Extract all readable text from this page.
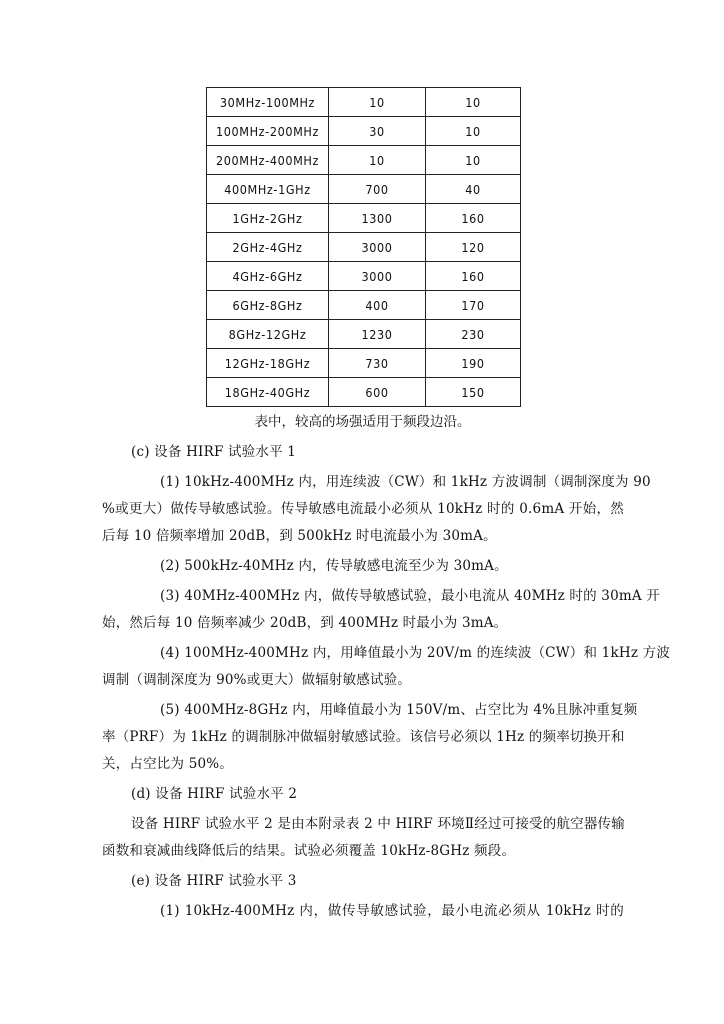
30MHz-100MHz	10	10
100MHz-200MHz	30	10
200MHz-400MHz	10	10
400MHz-1GHz	700	40
1GHz-2GHz	1300	160
2GHz-4GHz	3000	120
4GHz-6GHz	3000	160
6GHz-8GHz	400	170
8GHz-12GHz	1230	230
12GHz-18GHz	730	190
18GHz-40GHz	600	150
表中，较高的场强适用于频段边沿。
(c) 设备 HIRF 试验水平 1
(1) 10kHz-400MHz 内，用连续波（CW）和 1kHz 方波调制（调制深度为 90
%或更大）做传导敏感试验。传导敏感电流最小必须从 10kHz 时的 0.6mA 开始，然
后每 10 倍频率增加 20dB，到 500kHz 时电流最小为 30mA。
(2) 500kHz-40MHz 内，传导敏感电流至少为 30mA。
(3) 40MHz-400MHz 内，做传导敏感试验，最小电流从 40MHz 时的 30mA 开
始，然后每 10 倍频率减少 20dB，到 400MHz 时最小为 3mA。
(4) 100MHz-400MHz 内，用峰值最小为 20V/m 的连续波（CW）和 1kHz 方波
调制（调制深度为 90%或更大）做辐射敏感试验。
(5) 400MHz-8GHz 内，用峰值最小为 150V/m、占空比为 4%且脉冲重复频
率（PRF）为 1kHz 的调制脉冲做辐射敏感试验。该信号必须以 1Hz 的频率切换开和
关，占空比为 50%。
(d) 设备 HIRF 试验水平 2
设备 HIRF 试验水平 2 是由本附录表 2 中 HIRF 环境Ⅱ经过可接受的航空器传输
函数和衰减曲线降低后的结果。试验必须覆盖 10kHz-8GHz 频段。
(e) 设备 HIRF 试验水平 3
(1) 10kHz-400MHz 内，做传导敏感试验，最小电流必须从 10kHz 时的
